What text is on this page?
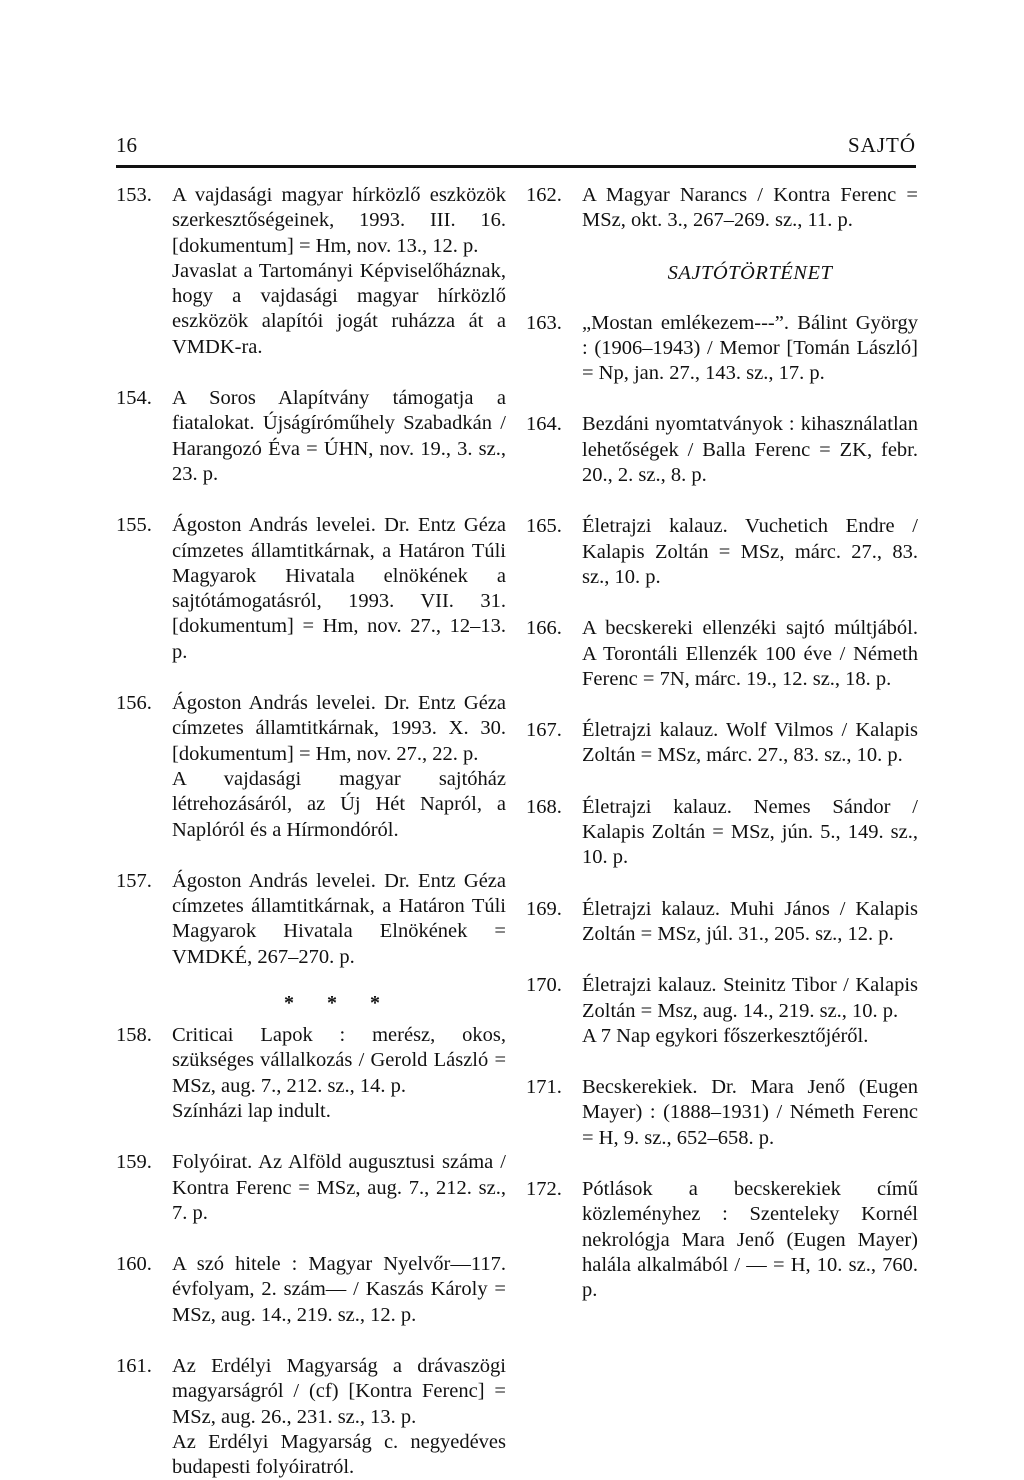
16	SAJTÓ
153. A vajdasági magyar hírközlő eszközök szerkesztőségeinek, 1993. III. 16. [dokumentum] = Hm, nov. 13., 12. p.
Javaslat a Tartományi Képviselőháznak, hogy a vajdasági magyar hírközlő eszközök alapítói jogát ruházza át a VMDK-ra.
154. A Soros Alapítvány támogatja a fiatalokat. Újságíróműhely Szabadkán / Harangozó Éva = ÚHN, nov. 19., 3. sz., 23. p.
155. Ágoston András levelei. Dr. Entz Géza címzetes államtitkárnak, a Határon Túli Magyarok Hivatala elnökének a sajtótámogatásról, 1993. VII. 31. [dokumentum] = Hm, nov. 27., 12–13. p.
156. Ágoston András levelei. Dr. Entz Géza címzetes államtitkárnak, 1993. X. 30. [dokumentum] = Hm, nov. 27., 22. p.
A vajdasági magyar sajtóház létrehozásáról, az Új Hét Napról, a Naplóról és a Hírmondóról.
157. Ágoston András levelei. Dr. Entz Géza címzetes államtitkárnak, a Határon Túli Magyarok Hivatala Elnökének = VMDKÉ, 267–270. p.
* * *
158. Criticai Lapok : merész, okos, szükséges vállalkozás / Gerold László = MSz, aug. 7., 212. sz., 14. p.
Színházi lap indult.
159. Folyóirat. Az Alföld augusztusi száma / Kontra Ferenc = MSz, aug. 7., 212. sz., 7. p.
160. A szó hitele : Magyar Nyelvőr—117. évfolyam, 2. szám— / Kaszás Károly = MSz, aug. 14., 219. sz., 12. p.
161. Az Erdélyi Magyarság a drávaszögi magyarságról / (cf) [Kontra Ferenc] = MSz, aug. 26., 231. sz., 13. p.
Az Erdélyi Magyarság c. negyedéves budapesti folyóiratról.
162. A Magyar Narancs / Kontra Ferenc = MSz, okt. 3., 267–269. sz., 11. p.
SAJTÓTÖRTÉNET
163. „Mostan emlékezem---”. Bálint György : (1906–1943) / Memor [Tomán László] = Np, jan. 27., 143. sz., 17. p.
164. Bezdáni nyomtatványok : kihasználatlan lehetőségek / Balla Ferenc = ZK, febr. 20., 2. sz., 8. p.
165. Életrajzi kalauz. Vuchetich Endre / Kalapis Zoltán = MSz, márc. 27., 83. sz., 10. p.
166. A becskereki ellenzéki sajtó múltjából. A Torontáli Ellenzék 100 éve / Németh Ferenc = 7N, márc. 19., 12. sz., 18. p.
167. Életrajzi kalauz. Wolf Vilmos / Kalapis Zoltán = MSz, márc. 27., 83. sz., 10. p.
168. Életrajzi kalauz. Nemes Sándor / Kalapis Zoltán = MSz, jún. 5., 149. sz., 10. p.
169. Életrajzi kalauz. Muhi János / Kalapis Zoltán = MSz, júl. 31., 205. sz., 12. p.
170. Életrajzi kalauz. Steinitz Tibor / Kalapis Zoltán = Msz, aug. 14., 219. sz., 10. p.
A 7 Nap egykori főszerkesztőjéről.
171. Becskerekiek. Dr. Mara Jenő (Eugen Mayer) : (1888–1931) / Németh Ferenc = H, 9. sz., 652–658. p.
172. Pótlások a becskerekiek című közleményhez : Szenteleky Kornél nekrológja Mara Jenő (Eugen Mayer) halála alkalmából / — = H, 10. sz., 760. p.
